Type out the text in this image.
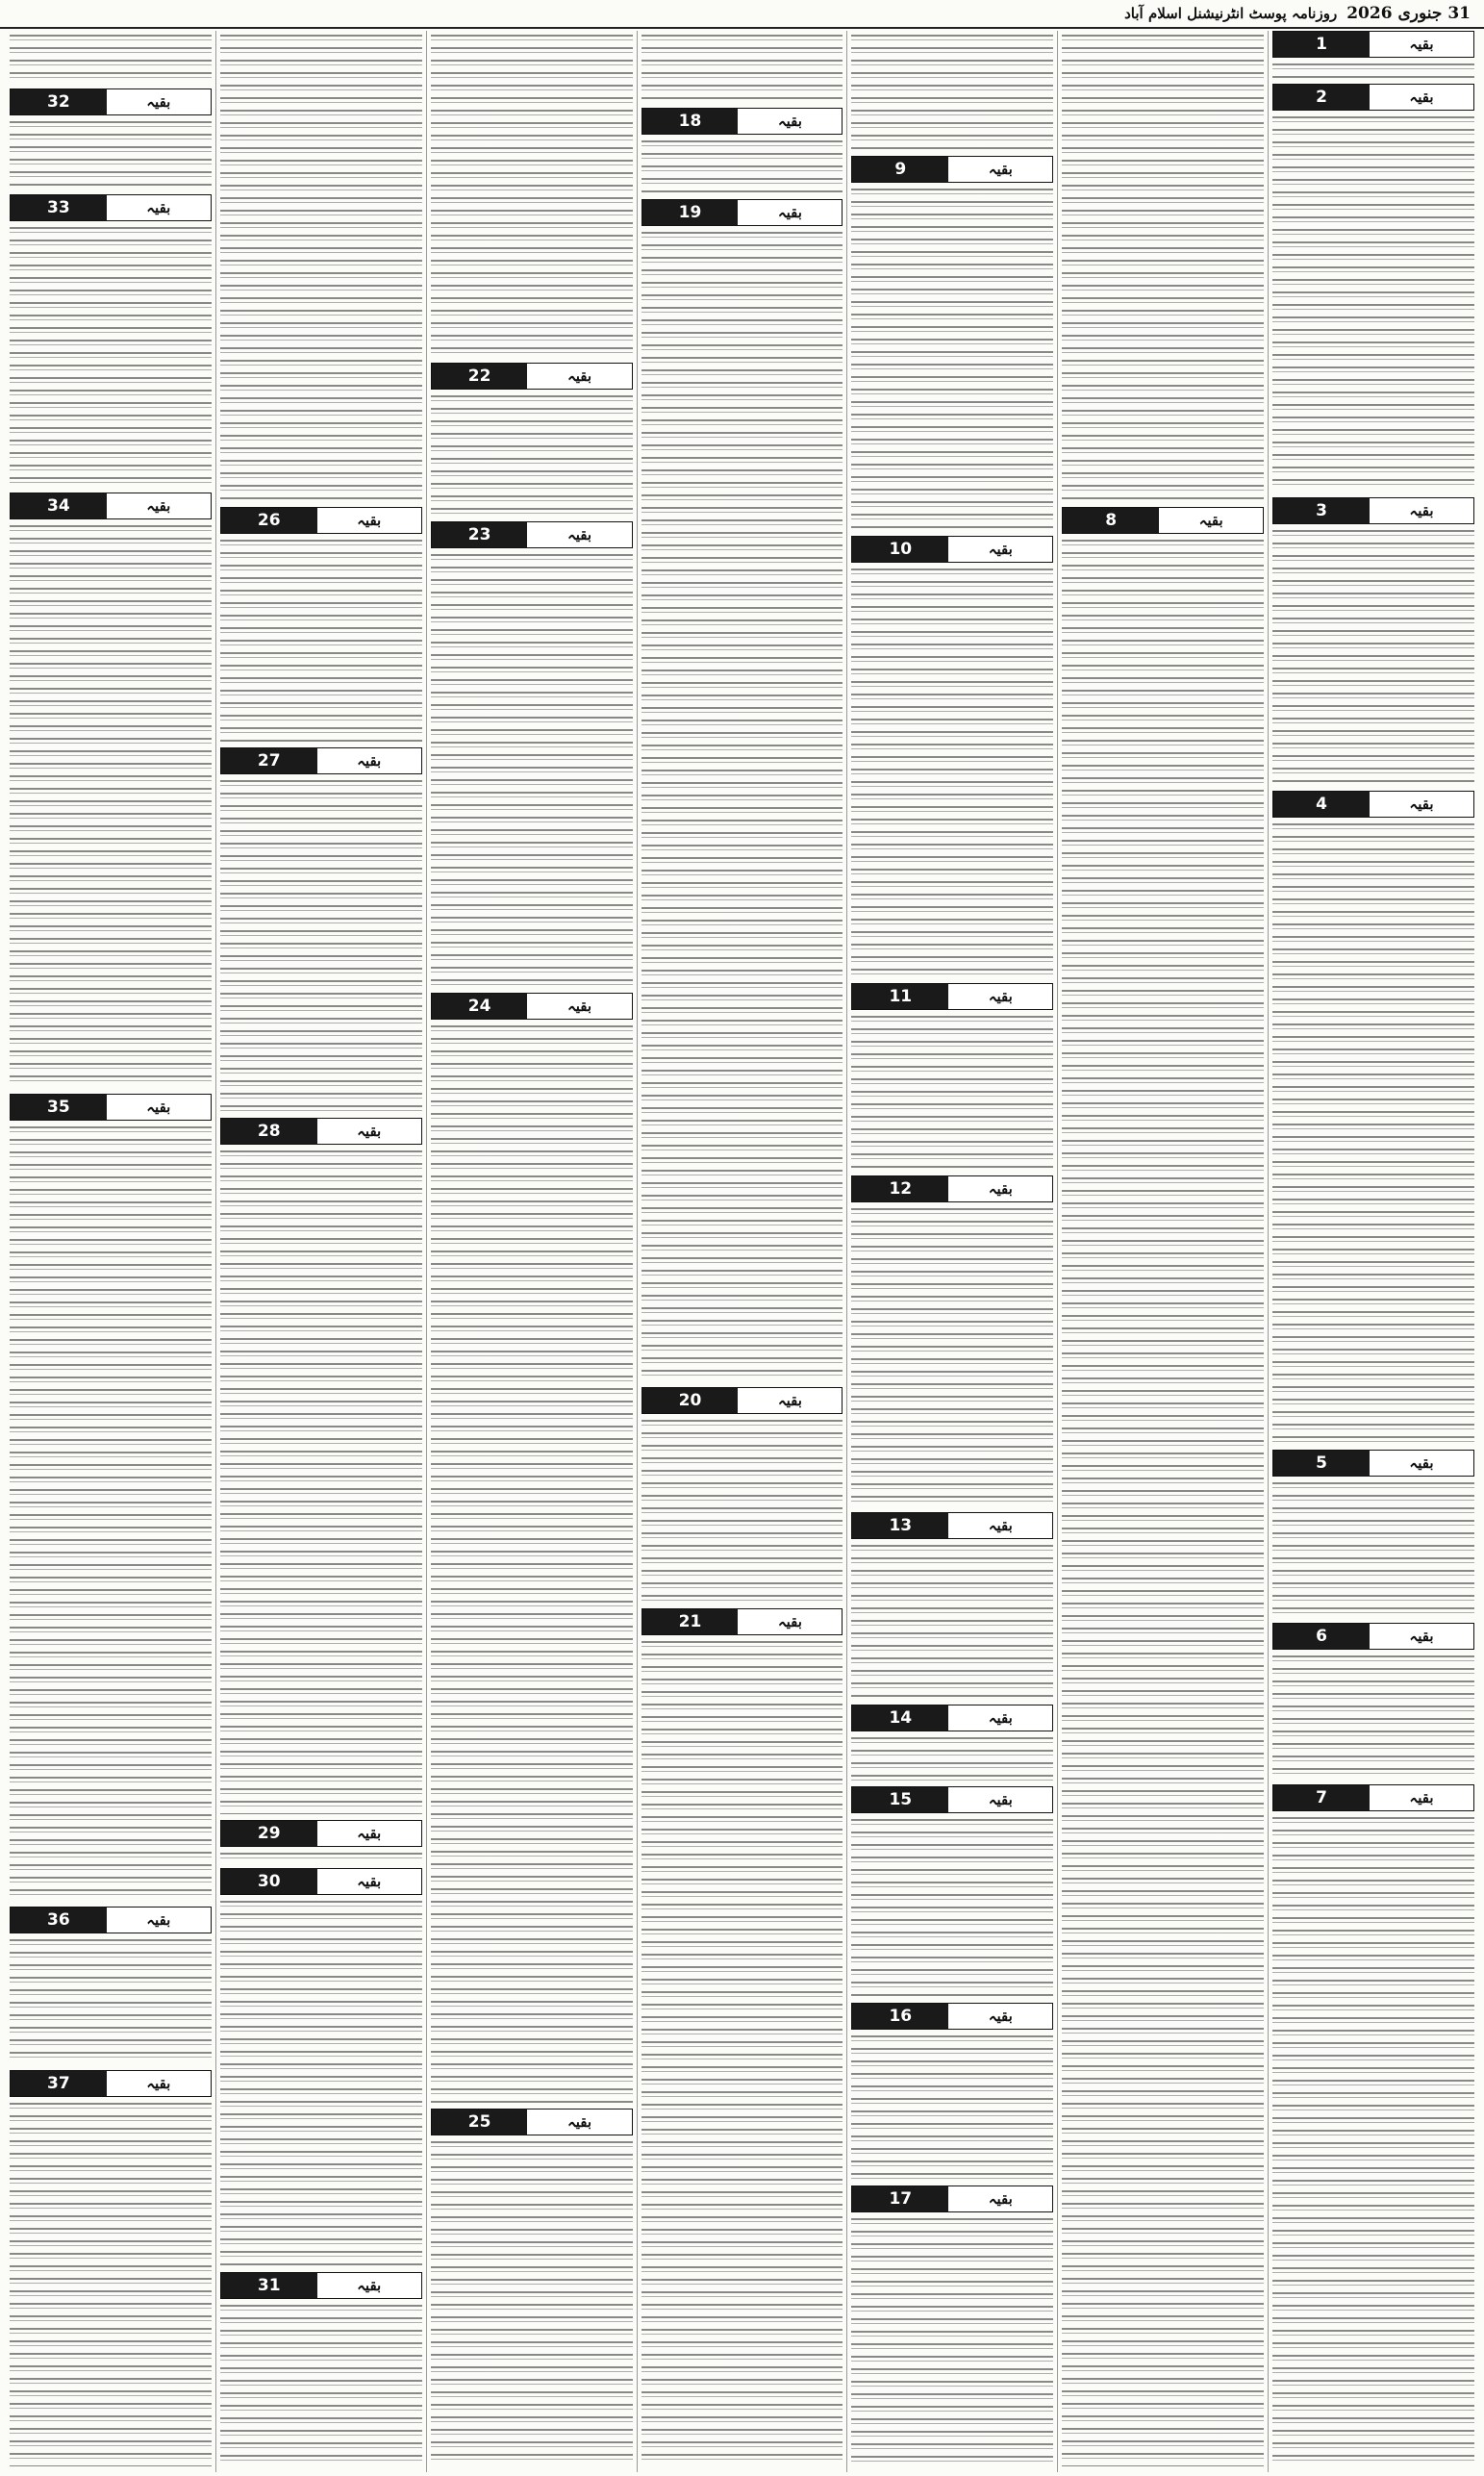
31 جنوری 2026
روزنامہ پوسٹ انٹرنیشنل اسلام آباد
بقیہ
1
بقیہ
2
بقیہ
3
بقیہ
4
بقیہ
5
بقیہ
6
بقیہ
7
بقیہ
8
بقیہ
9
بقیہ
10
بقیہ
11
بقیہ
12
بقیہ
13
بقیہ
14
بقیہ
15
بقیہ
16
بقیہ
17
بقیہ
18
بقیہ
19
بقیہ
20
بقیہ
21
بقیہ
22
بقیہ
23
بقیہ
24
بقیہ
25
بقیہ
26
بقیہ
27
بقیہ
28
بقیہ
29
بقیہ
30
بقیہ
31
بقیہ
32
بقیہ
33
بقیہ
34
بقیہ
35
بقیہ
36
بقیہ
37
